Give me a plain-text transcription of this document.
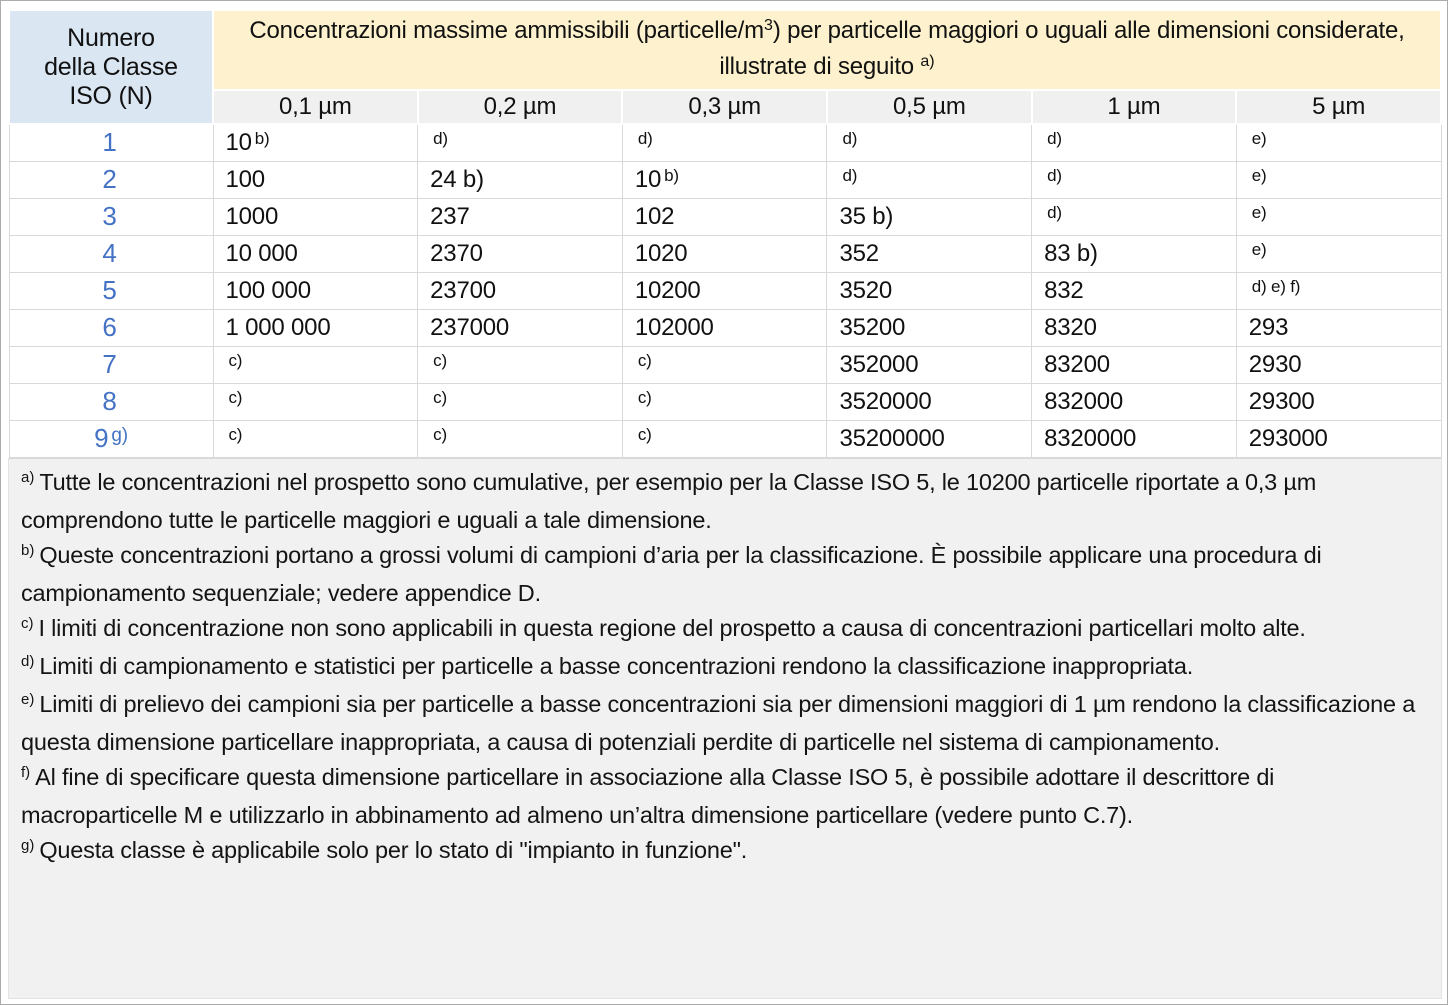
Numero
della Classe
ISO (N)	Concentrazioni massime ammissibili $(particelle/m^3)$ per particelle maggiori o uguali alle dimensioni considerate, illustrate di seguito $^{a)}$
	0,1 µm	0,2 µm	0,3 µm	0,5 µm	1 µm	5 µm
1	10 $^{b)}$	$^{d)}$	$^{d)}$	$^{d)}$	$^{d)}$	$^{e)}$
2	100	24 b)	10 $^{b)}$	$^{d)}$	$^{d)}$	$^{e)}$
3	1000	237	102	35 b)	$^{d)}$	$^{e)}$
4	10 000	2370	1020	352	83 b)	$^{e)}$
5	100 000	23700	10200	3520	832	$^{d) e) f)}$
6	1 000 000	237000	102000	35200	8320	293
7	$^{c)}$	$^{c)}$	$^{c)}$	352000	83200	2930
8	$^{c)}$	$^{c)}$	$^{c)}$	3520000	832000	29300
9 $^{g)}$	$^{c)}$	$^{c)}$	$^{c)}$	35200000	8320000	293000
$^{a)}$ Tutte le concentrazioni nel prospetto sono cumulative, per esempio per la Classe ISO 5, le 10200 particelle riportate a 0,3 µm comprendono tutte le particelle maggiori e uguali a tale dimensione.
$^{b)}$ Queste concentrazioni portano a grossi volumi di campioni d’aria per la classificazione. È possibile applicare una procedura di campionamento sequenziale; vedere appendice D.
$^{c)}$ I limiti di concentrazione non sono applicabili in questa regione del prospetto a causa di concentrazioni particellari molto alte.
$^{d)}$ Limiti di campionamento e statistici per particelle a basse concentrazioni rendono la classificazione inappropriata.
$^{e)}$ Limiti di prelievo dei campioni sia per particelle a basse concentrazioni sia per dimensioni maggiori di 1 µm rendono la classificazione a questa dimensione particellare inappropriata, a causa di potenziali perdite di particelle nel sistema di campionamento.
$^{f)}$ Al fine di specificare questa dimensione particellare in associazione alla Classe ISO 5, è possibile adottare il descrittore di macroparticelle M e utilizzarlo in abbinamento ad almeno un’altra dimensione particellare (vedere punto C.7).
$^{g)}$ Questa classe è applicabile solo per lo stato di "impianto in funzione".
